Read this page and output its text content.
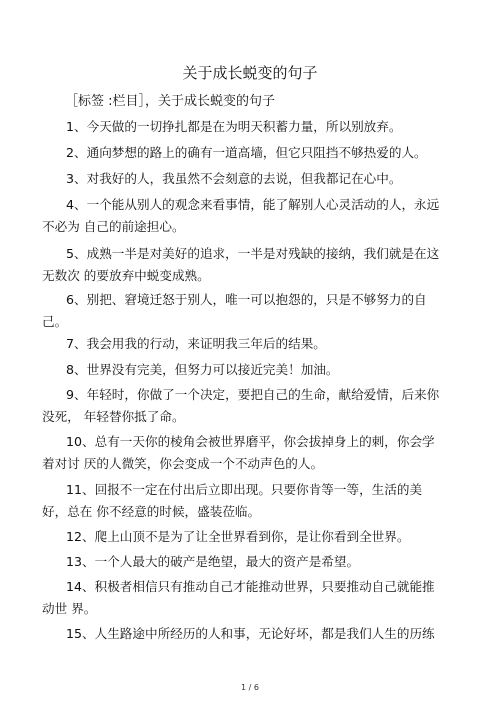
关于成长蜕变的句子
［标签 :栏目］，关于成长蜕变的句子
1、今天做的一切挣扎都是在为明天积蓄力量，所以别放弃。
2、通向梦想的路上的确有一道高墙，但它只阻挡不够热爱的人。
3、对我好的人，我虽然不会刻意的去说，但我都记在心中。
4、一个能从别人的观念来看事情，能了解别人心灵活动的人，永远不必为 自己的前途担心。
5、成熟一半是对美好的追求，一半是对残缺的接纳，我们就是在这无数次 的要放弃中蜕变成熟。
6、别把、窘境迁怒于别人，唯一可以抱怨的，只是不够努力的自己。
7、我会用我的行动，来证明我三年后的结果。
8、世界没有完美，但努力可以接近完美！加油。
9、年轻时，你做了一个决定，要把自己的生命，献给爱情，后来你没死， 年轻替你抵了命。
10、总有一天你的棱角会被世界磨平，你会拔掉身上的刺，你会学着对讨 厌的人微笑，你会变成一个不动声色的人。
11、回报不一定在付出后立即出现。只要你肯等一等，生活的美好，总在 你不经意的时候，盛装莅临。
12、爬上山顶不是为了让全世界看到你，是让你看到全世界。
13、一个人最大的破产是绝望，最大的资产是希望。
14、积极者相信只有推动自己才能推动世界，只要推动自己就能推动世 界。
15、人生路途中所经历的人和事，无论好坏，都是我们人生的历练
1 / 6
